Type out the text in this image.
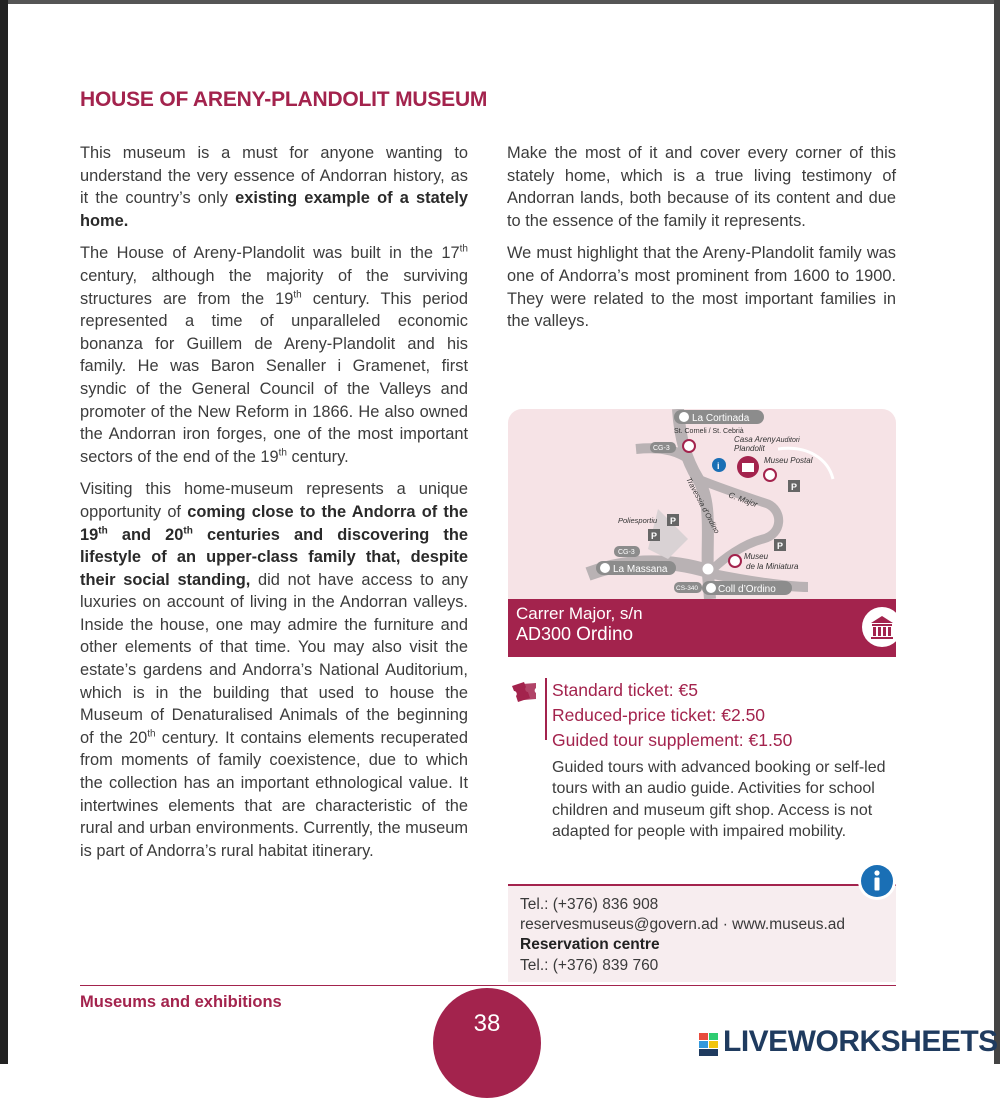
HOUSE OF ARENY-PLANDOLIT MUSEUM

This museum is a must for anyone wanting to understand the very essence of Andorran history, as it the country’s only existing example of a stately home.

The House of Areny-Plandolit was built in the 17th century, although the majority of the surviving structures are from the 19th century. This period represented a time of unparalleled economic bonanza for Guillem de Areny-Plandolit and his family. He was Baron Senaller i Gramenet, first syndic of the General Council of the Valleys and promoter of the New Reform in 1866. He also owned the Andorran iron forges, one of the most important sectors of the end of the 19th century.

Visiting this home-museum represents a unique opportunity of coming close to the Andorra of the 19th and 20th centuries and discovering the lifestyle of an upper-class family that, despite their social standing, did not have access to any luxuries on account of living in the Andorran valleys. Inside the house, one may admire the furniture and other elements of that time. You may also visit the estate’s gardens and Andorra’s National Auditorium, which is in the building that used to house the Museum of Denaturalised Animals of the beginning of the 20th century. It contains elements recuperated from moments of family coexistence, due to which the collection has an important ethnological value. It intertwines elements that are characteristic of the rural and urban environments. Currently, the museum is part of Andorra’s rural habitat itinerary.

Make the most of it and cover every corner of this stately home, which is a true living testimony of Andorran lands, both because of its content and due to the essence of the family it represents.

We must highlight that the Areny-Plandolit family was one of Andorra’s most prominent from 1600 to 1900. They were related to the most important families in the valleys.

La Cortinada
St. Corneli / St. Cebrià
Casa Areny
Plandolit
Auditori
Museu Postal
CG-3
i
P
C. Major
Travessia d’Ordino
Poliesportiu P
P
P
CG-3	Museu
de la Miniatura
La Massana
CS-340 Coll d’Ordino
Carrer Major, s/n
AD300 Ordino
Standard ticket: €5
Reduced-price ticket: €2.50
Guided tour supplement: €1.50
Guided tours with advanced booking or self-led tours with an audio guide. Activities for school children and museum gift shop. Access is not adapted for people with impaired mobility.
Tel.: (+376) 836 908
reservesmuseus@govern.ad · www.museus.ad
Reservation centre
Tel.: (+376) 839 760
Museums and exhibitions
38
LIVEWORKSHEETS
